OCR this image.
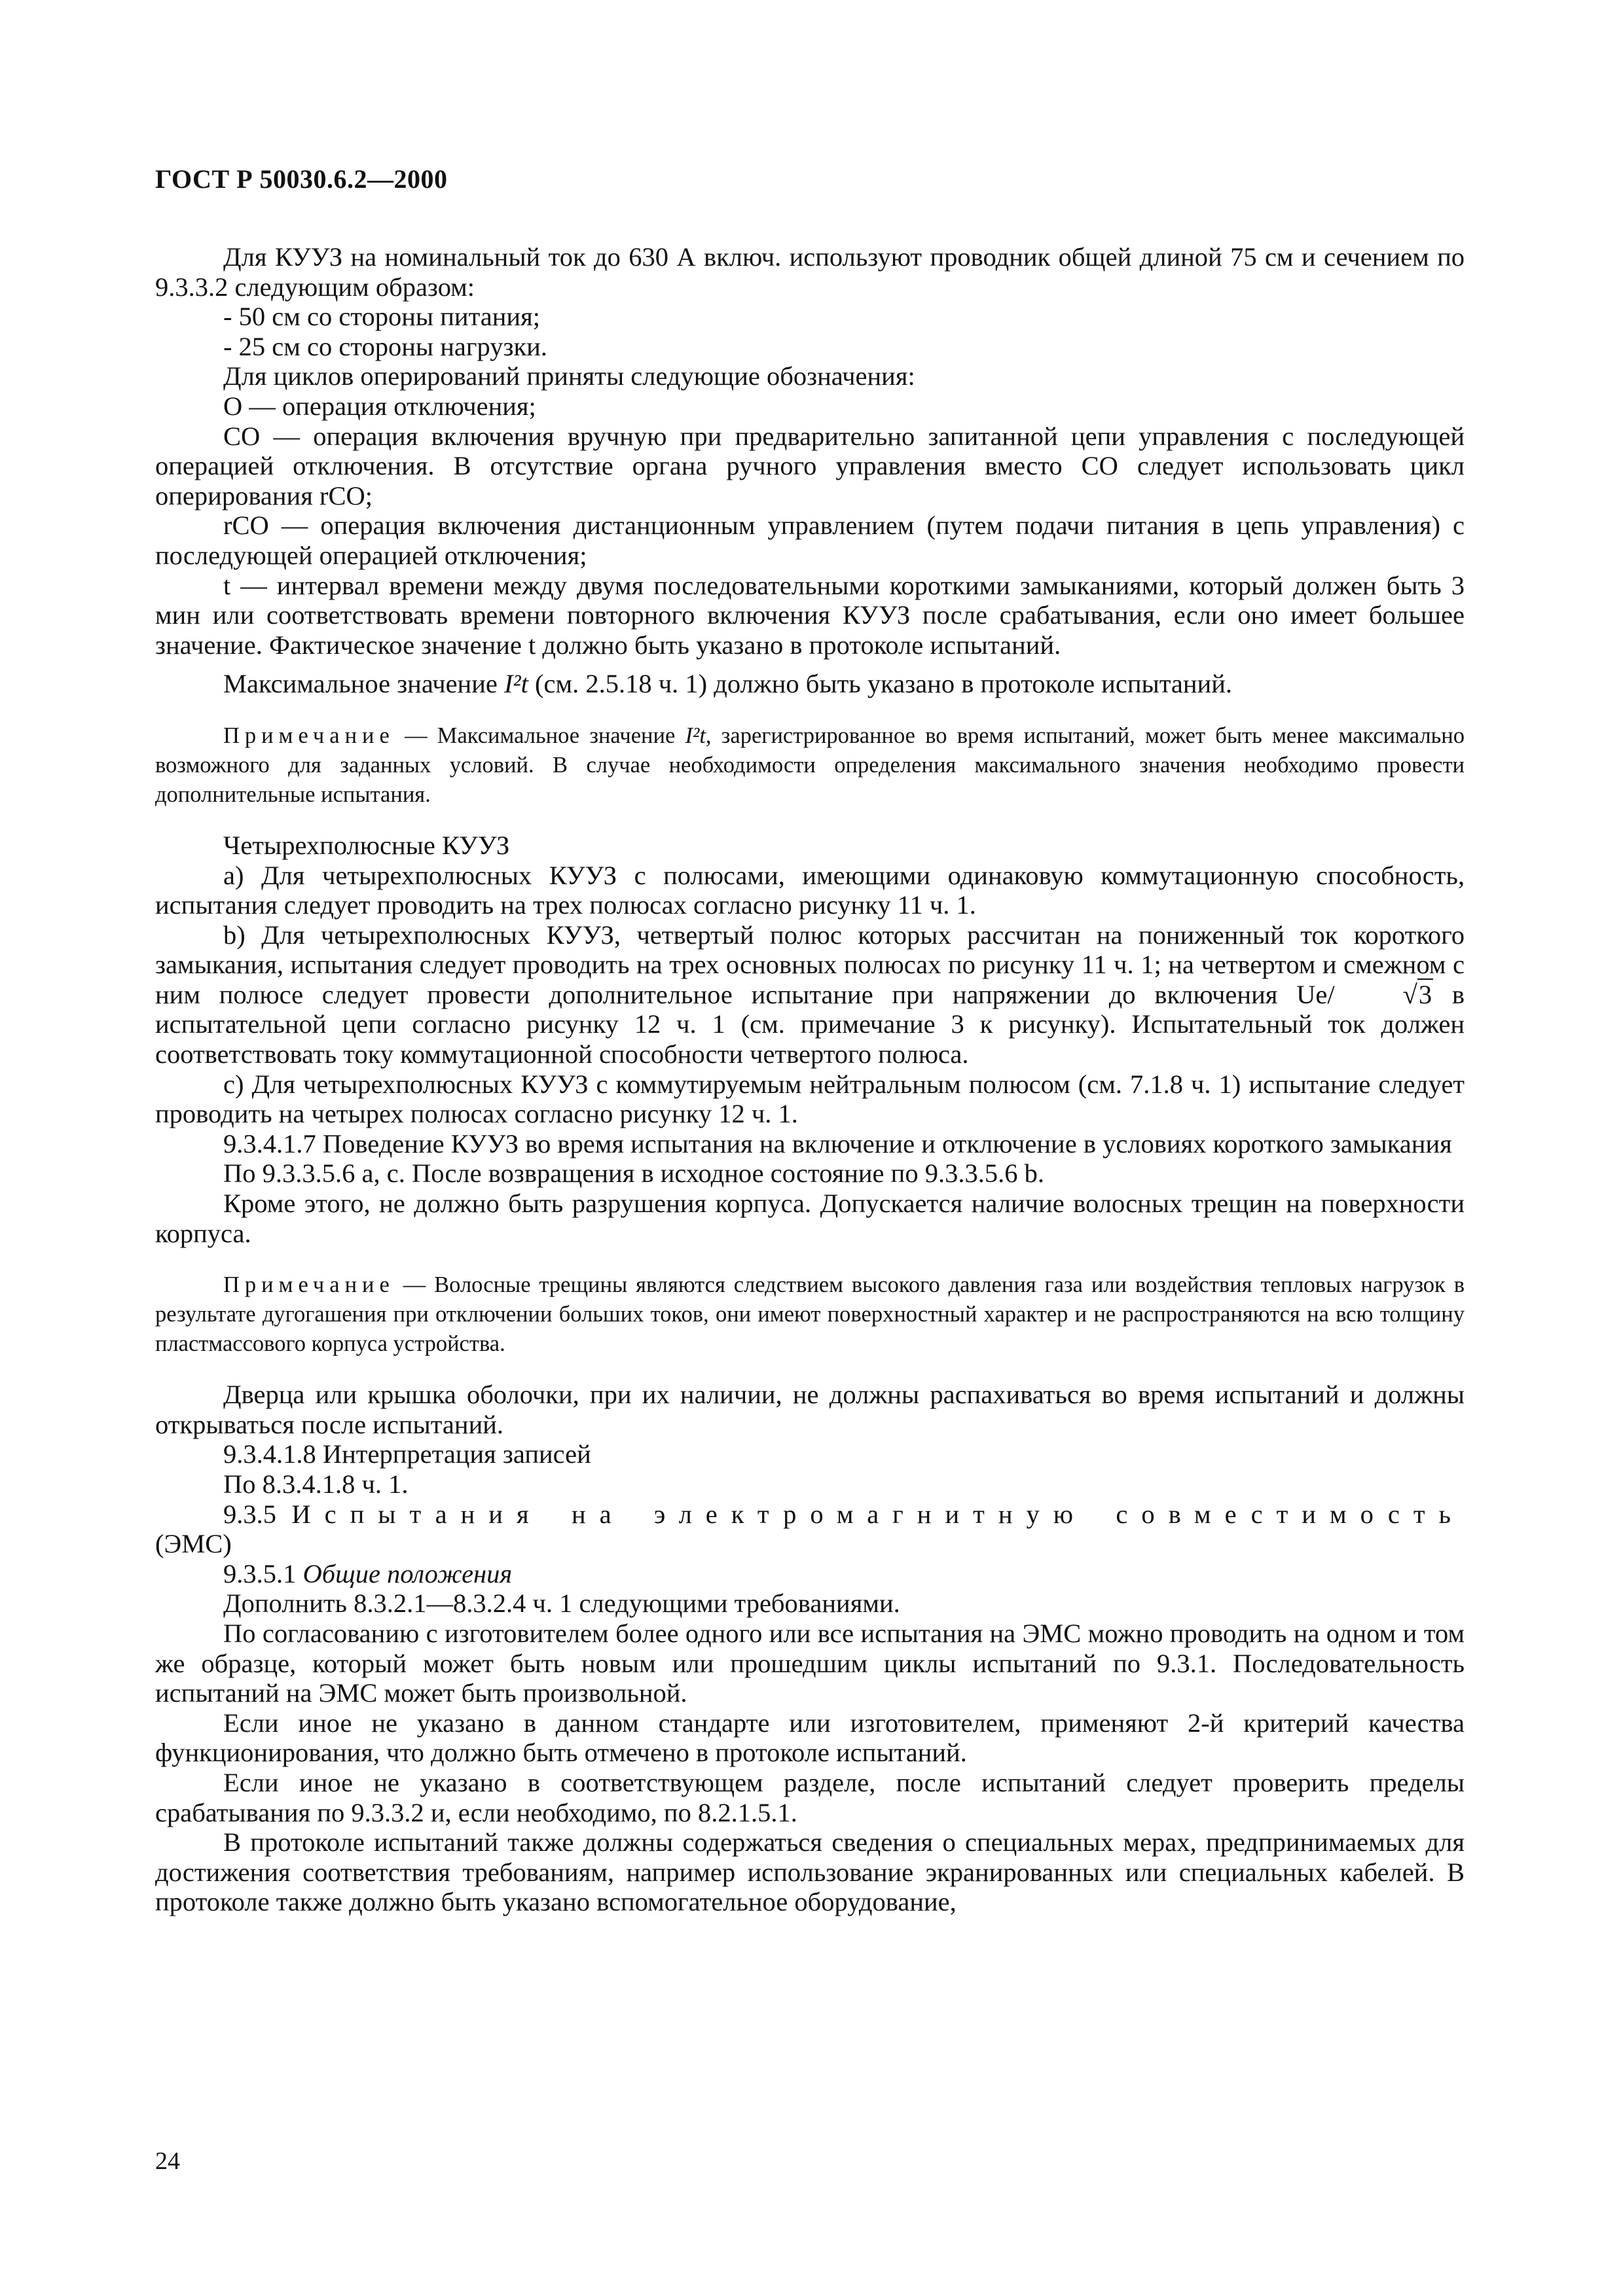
ГОСТ Р 50030.6.2—2000

Для КУУЗ на номинальный ток до 630 А включ. используют проводник общей длиной 75 см и сечением по 9.3.3.2 следующим образом:

- 50 см со стороны питания;

- 25 см со стороны нагрузки.

Для циклов оперирований приняты следующие обозначения:

О — операция отключения;

СО — операция включения вручную при предварительно запитанной цепи управления с последующей операцией отключения. В отсутствие органа ручного управления вместо СО следует использовать цикл оперирования rCO;

rСО — операция включения дистанционным управлением (путем подачи питания в цепь управления) с последующей операцией отключения;

t — интервал времени между двумя последовательными короткими замыканиями, который должен быть 3 мин или соответствовать времени повторного включения КУУЗ после срабатывания, если оно имеет большее значение. Фактическое значение t должно быть указано в протоколе испытаний.

Максимальное значение I²t (см. 2.5.18 ч. 1) должно быть указано в протоколе испытаний.

Примечание — Максимальное значение I²t, зарегистрированное во время испытаний, может быть менее максимально возможного для заданных условий. В случае необходимости определения максимального значения необходимо провести дополнительные испытания.

Четырехполюсные КУУЗ

а) Для четырехполюсных КУУЗ с полюсами, имеющими одинаковую коммутационную способность, испытания следует проводить на трех полюсах согласно рисунку 11 ч. 1.

b) Для четырехполюсных КУУЗ, четвертый полюс которых рассчитан на пониженный ток короткого замыкания, испытания следует проводить на трех основных полюсах по рисунку 11 ч. 1; на четвертом и смежном с ним полюсе следует провести дополнительное испытание при напряжении до включения Ue/	√3 в испытательной цепи согласно рисунку 12 ч. 1 (см. примечание 3 к рисунку). Испытательный ток должен соответствовать току коммутационной способности четвертого полюса.

с) Для четырехполюсных КУУЗ с коммутируемым нейтральным полюсом (см. 7.1.8 ч. 1) испытание следует проводить на четырех полюсах согласно рисунку 12 ч. 1.

9.3.4.1.7 Поведение КУУЗ во время испытания на включение и отключение в условиях короткого замыкания

По 9.3.3.5.6 а, с. После возвращения в исходное состояние по 9.3.3.5.6 b.

Кроме этого, не должно быть разрушения корпуса. Допускается наличие волосных трещин на поверхности корпуса.

Примечание — Волосные трещины являются следствием высокого давления газа или воздействия тепловых нагрузок в результате дугогашения при отключении больших токов, они имеют поверхностный характер и не распространяются на всю толщину пластмассового корпуса устройства.

Дверца или крышка оболочки, при их наличии, не должны распахиваться во время испытаний и должны открываться после испытаний.

9.3.4.1.8 Интерпретация записей

По 8.3.4.1.8 ч. 1.

9.3.5 Испытания на электромагнитную совместимость (ЭМС)

9.3.5.1 Общие положения

Дополнить 8.3.2.1—8.3.2.4 ч. 1 следующими требованиями.

По согласованию с изготовителем более одного или все испытания на ЭМС можно проводить на одном и том же образце, который может быть новым или прошедшим циклы испытаний по 9.3.1. Последовательность испытаний на ЭМС может быть произвольной.

Если иное не указано в данном стандарте или изготовителем, применяют 2-й критерий качества функционирования, что должно быть отмечено в протоколе испытаний.

Если иное не указано в соответствующем разделе, после испытаний следует проверить пределы срабатывания по 9.3.3.2 и, если необходимо, по 8.2.1.5.1.

В протоколе испытаний также должны содержаться сведения о специальных мерах, предпринимаемых для достижения соответствия требованиям, например использование экранированных или специальных кабелей. В протоколе также должно быть указано вспомогательное оборудование,

24
